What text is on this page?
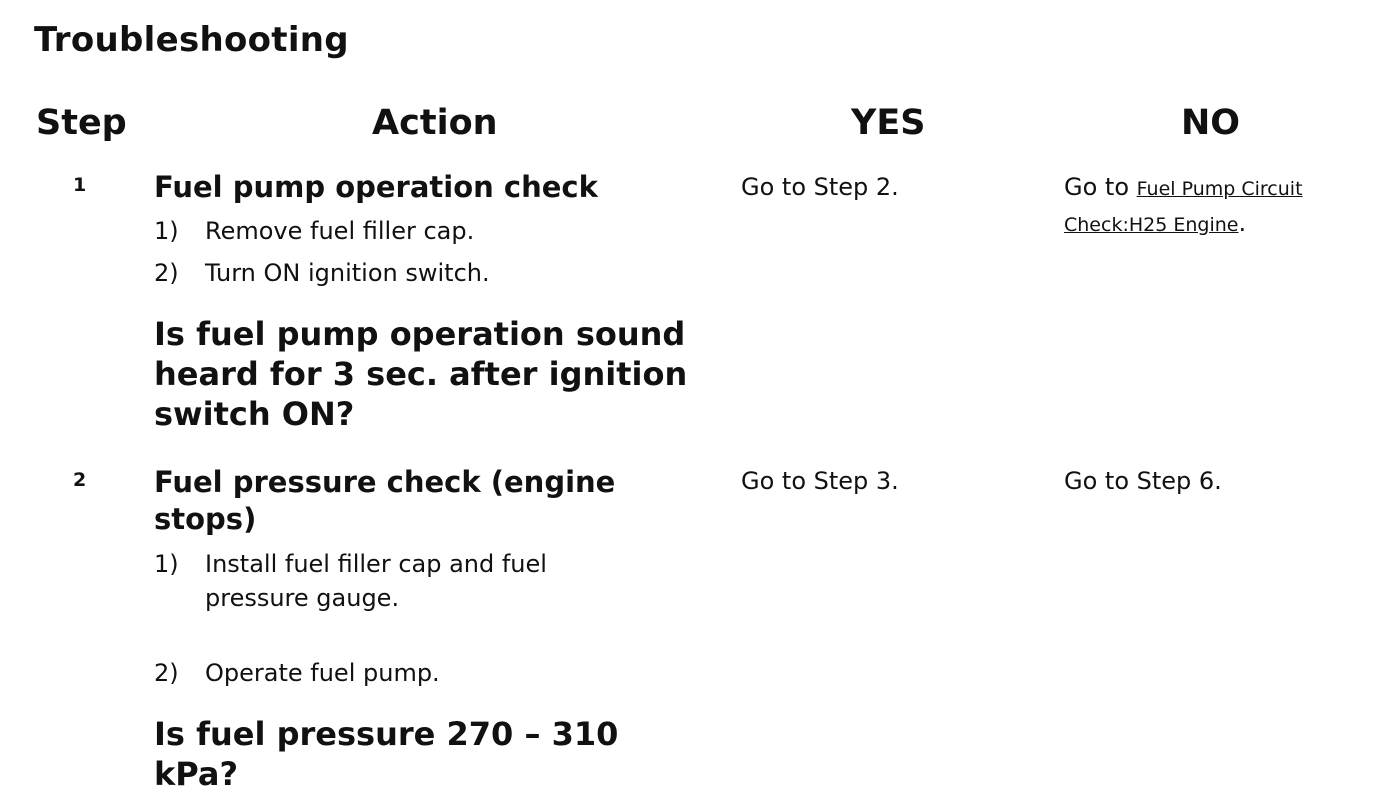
Troubleshooting
Step	Action	YES	NO
1 Fuel pump operation check
1) Remove fuel filler cap.
2) Turn ON ignition switch.
Is fuel pump operation sound heard for 3 sec. after ignition switch ON?
Go to Step 2.	Go to Fuel Pump Circuit Check:H25 Engine.
2 Fuel pressure check (engine stops)
1) Install fuel filler cap and fuel pressure gauge.
2) Operate fuel pump.
Is fuel pressure 270 – 310 kPa?
Go to Step 3.	Go to Step 6.
